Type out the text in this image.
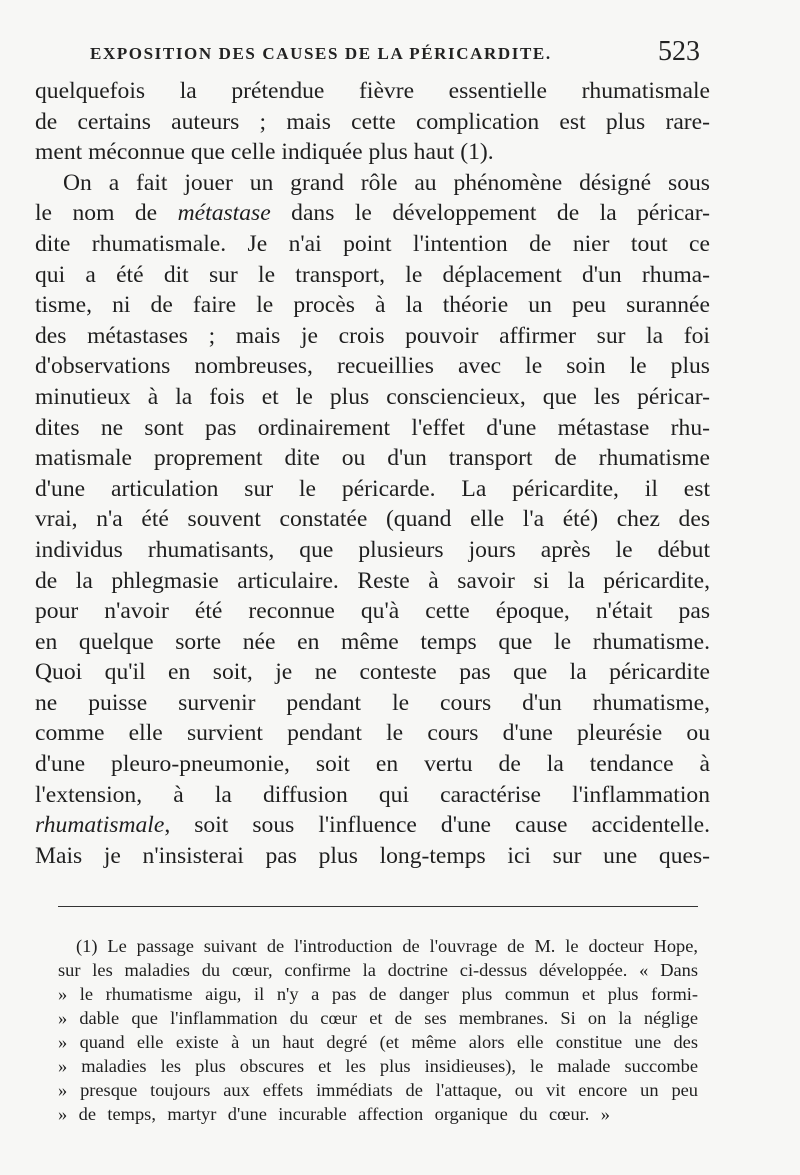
EXPOSITION DES CAUSES DE LA PÉRICARDITE.	523
quelquefois la prétendue fièvre essentielle rhumatismale
de certains auteurs ; mais cette complication est plus rare-
ment méconnue que celle indiquée plus haut (1).
On a fait jouer un grand rôle au phénomène désigné sous
le nom de métastase dans le développement de la péricar-
dite rhumatismale. Je n'ai point l'intention de nier tout ce
qui a été dit sur le transport, le déplacement d'un rhuma-
tisme, ni de faire le procès à la théorie un peu surannée
des métastases ; mais je crois pouvoir affirmer sur la foi
d'observations nombreuses, recueillies avec le soin le plus
minutieux à la fois et le plus consciencieux, que les péricar-
dites ne sont pas ordinairement l'effet d'une métastase rhu-
matismale proprement dite ou d'un transport de rhumatisme
d'une articulation sur le péricarde. La péricardite, il est
vrai, n'a été souvent constatée (quand elle l'a été) chez des
individus rhumatisants, que plusieurs jours après le début
de la phlegmasie articulaire. Reste à savoir si la péricardite,
pour n'avoir été reconnue qu'à cette époque, n'était pas
en quelque sorte née en même temps que le rhumatisme.
Quoi qu'il en soit, je ne conteste pas que la péricardite
ne puisse survenir pendant le cours d'un rhumatisme,
comme elle survient pendant le cours d'une pleurésie ou
d'une pleuro-pneumonie, soit en vertu de la tendance à
l'extension, à la diffusion qui caractérise l'inflammation
rhumatismale, soit sous l'influence d'une cause accidentelle.
Mais je n'insisterai pas plus long-temps ici sur une ques-
(1) Le passage suivant de l'introduction de l'ouvrage de M. le docteur Hope,
sur les maladies du cœur, confirme la doctrine ci-dessus développée. « Dans
» le rhumatisme aigu, il n'y a pas de danger plus commun et plus formi-
» dable que l'inflammation du cœur et de ses membranes. Si on la néglige
» quand elle existe à un haut degré (et même alors elle constitue une des
» maladies les plus obscures et les plus insidieuses), le malade succombe
» presque toujours aux effets immédiats de l'attaque, ou vit encore un peu
» de temps, martyr d'une incurable affection organique du cœur. »
